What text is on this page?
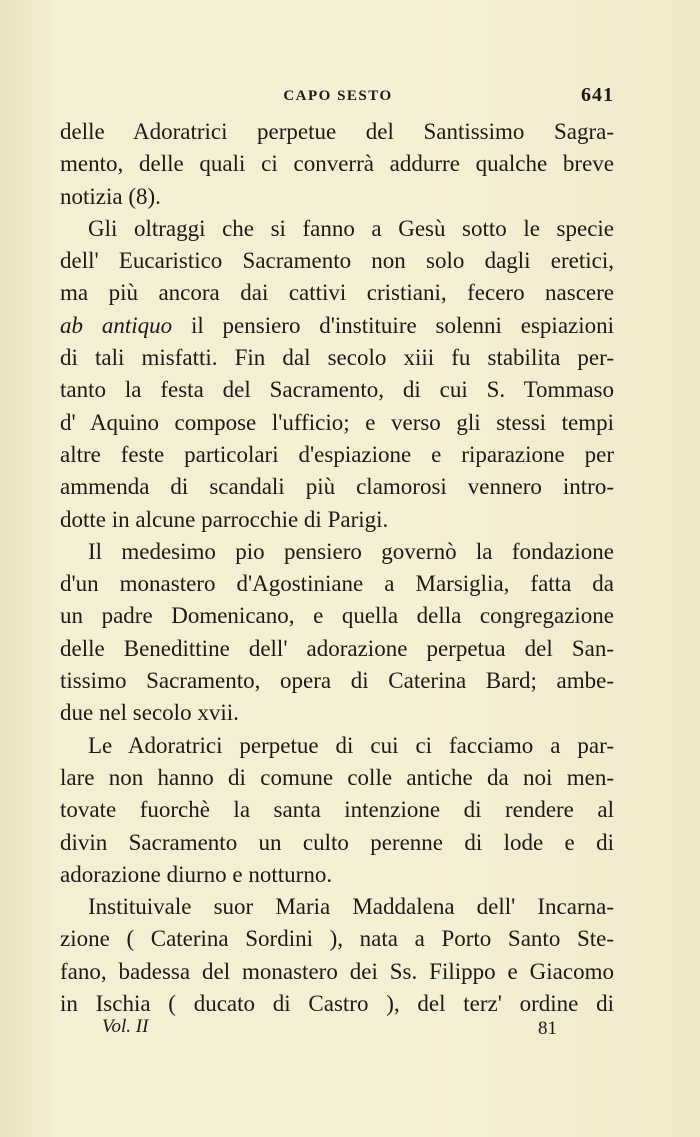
CAPO SESTO	641
delle Adoratrici perpetue del Santissimo Sagra-
mento, delle quali ci converrà addurre qualche breve
notizia (8).
Gli oltraggi che si fanno a Gesù sotto le specie
dell' Eucaristico Sacramento non solo dagli eretici,
ma più ancora dai cattivi cristiani, fecero nascere
ab antiquo il pensiero d'instituire solenni espiazioni
di tali misfatti. Fin dal secolo xiii fu stabilita per-
tanto la festa del Sacramento, di cui S. Tommaso
d' Aquino compose l'ufficio; e verso gli stessi tempi
altre feste particolari d'espiazione e riparazione per
ammenda di scandali più clamorosi vennero intro-
dotte in alcune parrocchie di Parigi.
Il medesimo pio pensiero governò la fondazione
d'un monastero d'Agostiniane a Marsiglia, fatta da
un padre Domenicano, e quella della congregazione
delle Benedittine dell' adorazione perpetua del San-
tissimo Sacramento, opera di Caterina Bard; ambe-
due nel secolo xvii.
Le Adoratrici perpetue di cui ci facciamo a par-
lare non hanno di comune colle antiche da noi men-
tovate fuorchè la santa intenzione di rendere al
divin Sacramento un culto perenne di lode e di
adorazione diurno e notturno.
Instituivale suor Maria Maddalena dell' Incarna-
zione ( Caterina Sordini ), nata a Porto Santo Ste-
fano, badessa del monastero dei Ss. Filippo e Giacomo
in Ischia ( ducato di Castro ), del terz' ordine di
Vol. II	81
